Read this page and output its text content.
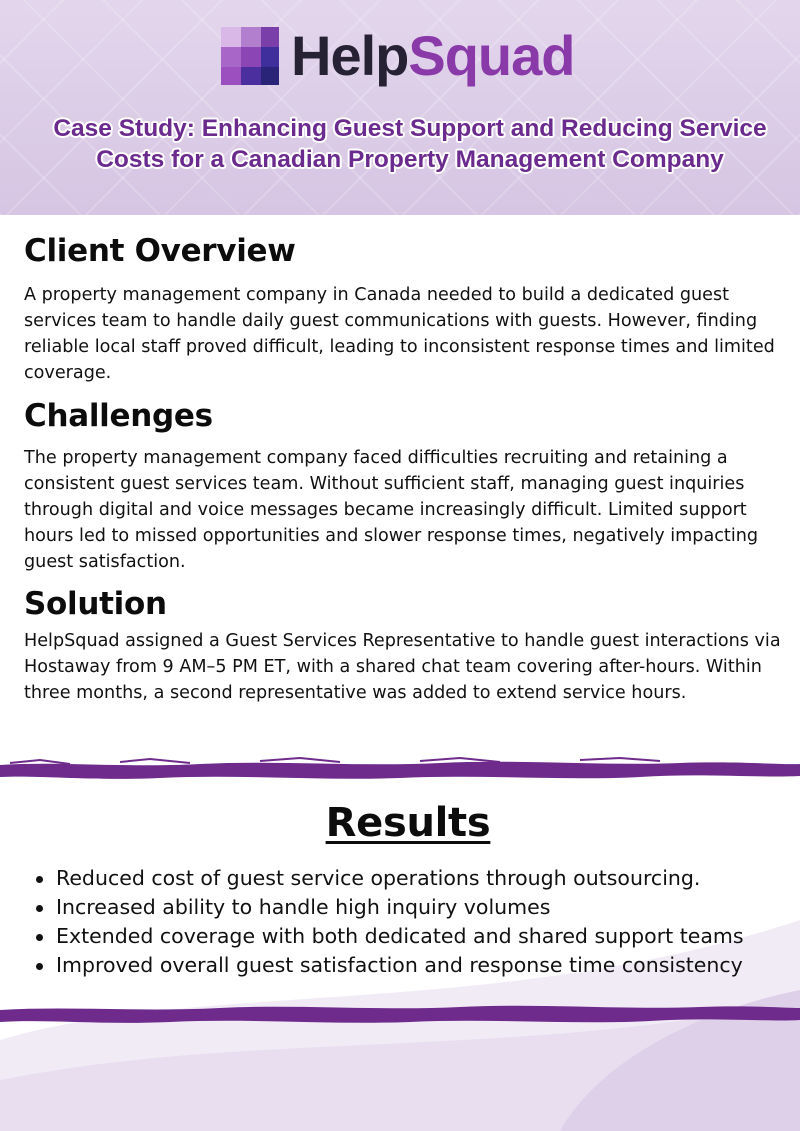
HelpSquad
Case Study: Enhancing Guest Support and Reducing Service Costs for a Canadian Property Management Company
Client Overview

A property management company in Canada needed to build a dedicated guest services team to handle daily guest communications with guests. However, finding reliable local staff proved difficult, leading to inconsistent response times and limited coverage.

Challenges

The property management company faced difficulties recruiting and retaining a consistent guest services team. Without sufficient staff, managing guest inquiries through digital and voice messages became increasingly difficult. Limited support hours led to missed opportunities and slower response times, negatively impacting guest satisfaction.

Solution

HelpSquad assigned a Guest Services Representative to handle guest interactions via Hostaway from 9 AM–5 PM ET, with a shared chat team covering after-hours. Within three months, a second representative was added to extend service hours.

Results
Reduced cost of guest service operations through outsourcing.
Increased ability to handle high inquiry volumes
Extended coverage with both dedicated and shared support teams
Improved overall guest satisfaction and response time consistency
